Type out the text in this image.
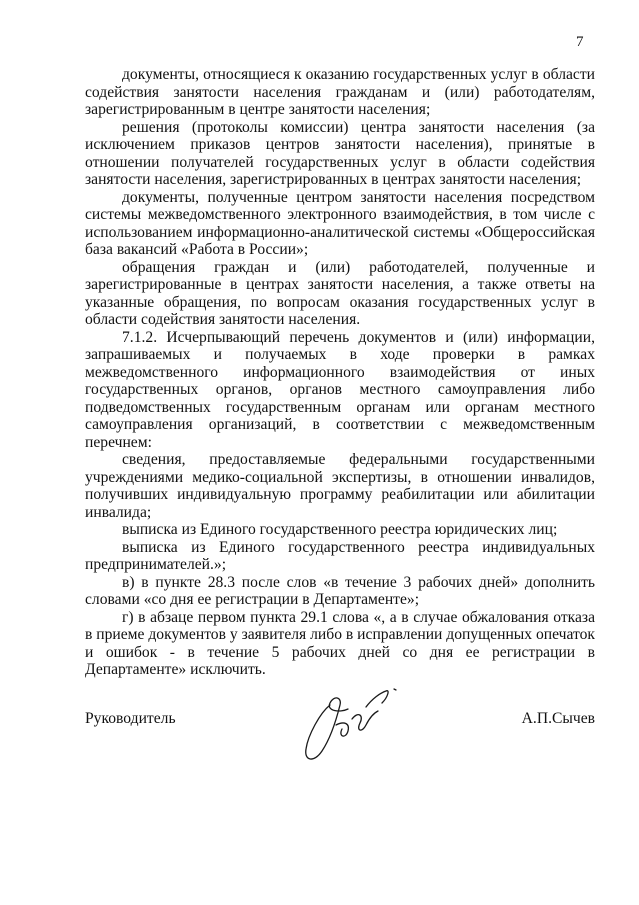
7

документы, относящиеся к оказанию государственных услуг в области содействия занятости населения гражданам и (или) работодателям, зарегистрированным в центре занятости населения;

решения (протоколы комиссии) центра занятости населения (за исключением приказов центров занятости населения), принятые в отношении получателей государственных услуг в области содействия занятости населения, зарегистрированных в центрах занятости населения;

документы, полученные центром занятости населения посредством системы межведомственного электронного взаимодействия, в том числе с использованием информационно-аналитической системы «Общероссийская база вакансий «Работа в России»;

обращения граждан и (или) работодателей, полученные и зарегистрированные в центрах занятости населения, а также ответы на указанные обращения, по вопросам оказания государственных услуг в области содействия занятости населения.

7.1.2. Исчерпывающий перечень документов и (или) информации, запрашиваемых и получаемых в ходе проверки в рамках межведомственного информационного взаимодействия от иных государственных органов, органов местного самоуправления либо подведомственных государственным органам или органам местного самоуправления организаций, в соответствии с межведомственным перечнем:

сведения, предоставляемые федеральными государственными учреждениями медико-социальной экспертизы, в отношении инвалидов, получивших индивидуальную программу реабилитации или абилитации инвалида;

выписка из Единого государственного реестра юридических лиц;

выписка из Единого государственного реестра индивидуальных предпринимателей.»;

в) в пункте 28.3 после слов «в течение 3 рабочих дней» дополнить словами «со дня ее регистрации в Департаменте»;

г) в абзаце первом пункта 29.1 слова «, а в случае обжалования отказа в приеме документов у заявителя либо в исправлении допущенных опечаток и ошибок - в течение 5 рабочих дней со дня ее регистрации в Департаменте» исключить.

Руководитель	А.П.Сычев
